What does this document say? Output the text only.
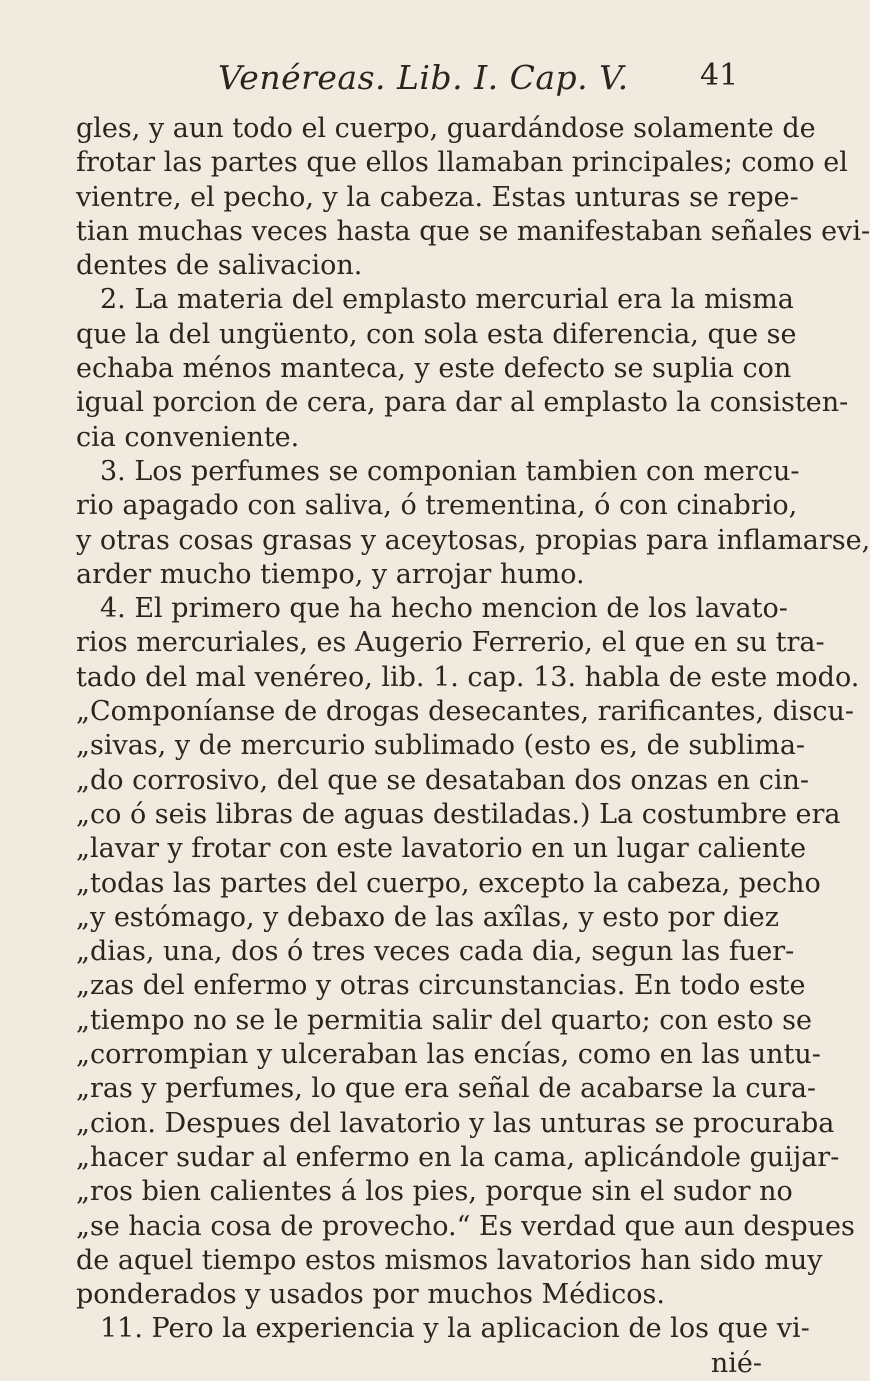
Venéreas. Lib. I. Cap. V. 41
gles, y aun todo el cuerpo, guardándose solamente de
frotar las partes que ellos llamaban principales; como el
vientre, el pecho, y la cabeza. Estas unturas se repe-
tian muchas veces hasta que se manifestaban señales evi-
dentes de salivacion.
2. La materia del emplasto mercurial era la misma
que la del ungüento, con sola esta diferencia, que se
echaba ménos manteca, y este defecto se suplia con
igual porcion de cera, para dar al emplasto la consisten-
cia conveniente.
3. Los perfumes se componian tambien con mercu-
rio apagado con saliva, ó trementina, ó con cinabrio,
y otras cosas grasas y aceytosas, propias para inflamarse,
arder mucho tiempo, y arrojar humo.
4. El primero que ha hecho mencion de los lavato-
rios mercuriales, es Augerio Ferrerio, el que en su tra-
tado del mal venéreo, lib. 1. cap. 13. habla de este modo.
„Componíanse de drogas desecantes, rarificantes, discu-
„sivas, y de mercurio sublimado (esto es, de sublima-
„do corrosivo, del que se desataban dos onzas en cin-
„co ó seis libras de aguas destiladas.) La costumbre era
„lavar y frotar con este lavatorio en un lugar caliente
„todas las partes del cuerpo, excepto la cabeza, pecho
„y estómago, y debaxo de las axîlas, y esto por diez
„dias, una, dos ó tres veces cada dia, segun las fuer-
„zas del enfermo y otras circunstancias. En todo este
„tiempo no se le permitia salir del quarto; con esto se
„corrompian y ulceraban las encías, como en las untu-
„ras y perfumes, lo que era señal de acabarse la cura-
„cion. Despues del lavatorio y las unturas se procuraba
„hacer sudar al enfermo en la cama, aplicándole guijar-
„ros bien calientes á los pies, porque sin el sudor no
„se hacia cosa de provecho.“ Es verdad que aun despues
de aquel tiempo estos mismos lavatorios han sido muy
ponderados y usados por muchos Médicos.
11. Pero la experiencia y la aplicacion de los que vi-
nié-
